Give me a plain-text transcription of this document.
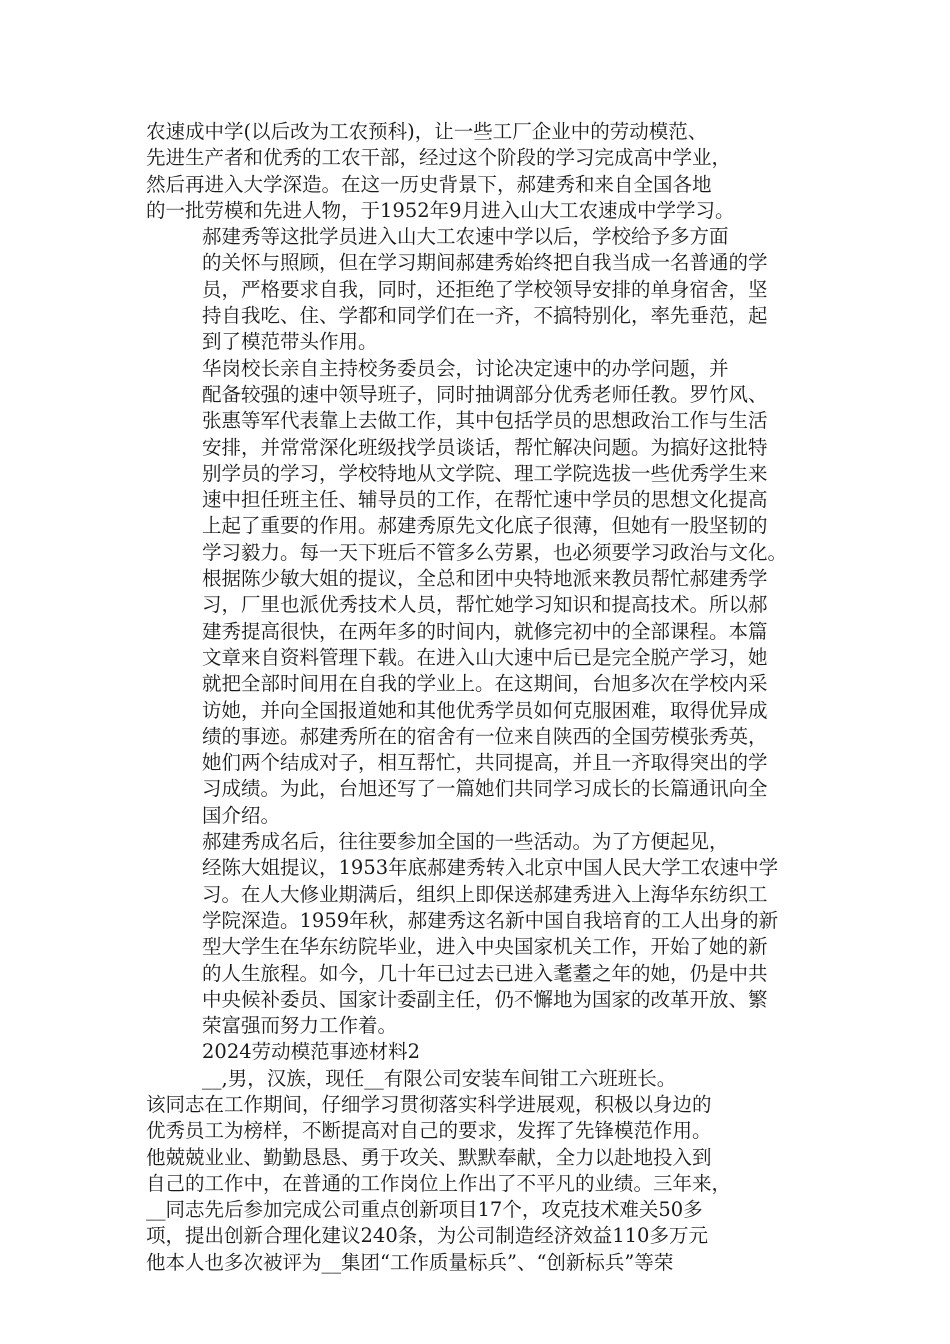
农速成中学(以后改为工农预科)，让一些工厂企业中的劳动模范、
先进生产者和优秀的工农干部，经过这个阶段的学习完成高中学业，
然后再进入大学深造。在这一历史背景下，郝建秀和来自全国各地
的一批劳模和先进人物，于1952年9月进入山大工农速成中学学习。

郝建秀等这批学员进入山大工农速中学以后，学校给予多方面
的关怀与照顾，但在学习期间郝建秀始终把自我当成一名普通的学
员，严格要求自我，同时，还拒绝了学校领导安排的单身宿舍，坚
持自我吃、住、学都和同学们在一齐，不搞特别化，率先垂范，起
到了模范带头作用。

华岗校长亲自主持校务委员会，讨论决定速中的办学问题，并
配备较强的速中领导班子，同时抽调部分优秀老师任教。罗竹风、
张惠等军代表靠上去做工作，其中包括学员的思想政治工作与生活
安排，并常常深化班级找学员谈话，帮忙解决问题。为搞好这批特
别学员的学习，学校特地从文学院、理工学院选拔一些优秀学生来
速中担任班主任、辅导员的工作，在帮忙速中学员的思想文化提高
上起了重要的作用。郝建秀原先文化底子很薄，但她有一股坚韧的
学习毅力。每一天下班后不管多么劳累，也必须要学习政治与文化。
根据陈少敏大姐的提议，全总和团中央特地派来教员帮忙郝建秀学
习，厂里也派优秀技术人员，帮忙她学习知识和提高技术。所以郝
建秀提高很快，在两年多的时间内，就修完初中的全部课程。本篇
文章来自资料管理下载。在进入山大速中后已是完全脱产学习，她
就把全部时间用在自我的学业上。在这期间，台旭多次在学校内采
访她，并向全国报道她和其他优秀学员如何克服困难，取得优异成
绩的事迹。郝建秀所在的宿舍有一位来自陕西的全国劳模张秀英，
她们两个结成对子，相互帮忙，共同提高，并且一齐取得突出的学
习成绩。为此，台旭还写了一篇她们共同学习成长的长篇通讯向全
国介绍。

郝建秀成名后，往往要参加全国的一些活动。为了方便起见，
经陈大姐提议，1953年底郝建秀转入北京中国人民大学工农速中学
习。在人大修业期满后，组织上即保送郝建秀进入上海华东纺织工
学院深造。1959年秋，郝建秀这名新中国自我培育的工人出身的新
型大学生在华东纺院毕业，进入中央国家机关工作，开始了她的新
的人生旅程。如今，几十年已过去已进入耄耋之年的她，仍是中共
中央候补委员、国家计委副主任，仍不懈地为国家的改革开放、繁
荣富强而努力工作着。

2024劳动模范事迹材料2

__,男，汉族，现任__有限公司安装车间钳工六班班长。

该同志在工作期间，仔细学习贯彻落实科学进展观，积极以身边的
优秀员工为榜样，不断提高对自己的要求，发挥了先锋模范作用。
他兢兢业业、勤勤恳恳、勇于攻关、默默奉献，全力以赴地投入到
自己的工作中，在普通的工作岗位上作出了不平凡的业绩。三年来，
__同志先后参加完成公司重点创新项目17个，攻克技术难关50多
项，提出创新合理化建议240条，为公司制造经济效益110多万元
他本人也多次被评为__集团“工作质量标兵”、“创新标兵”等荣
